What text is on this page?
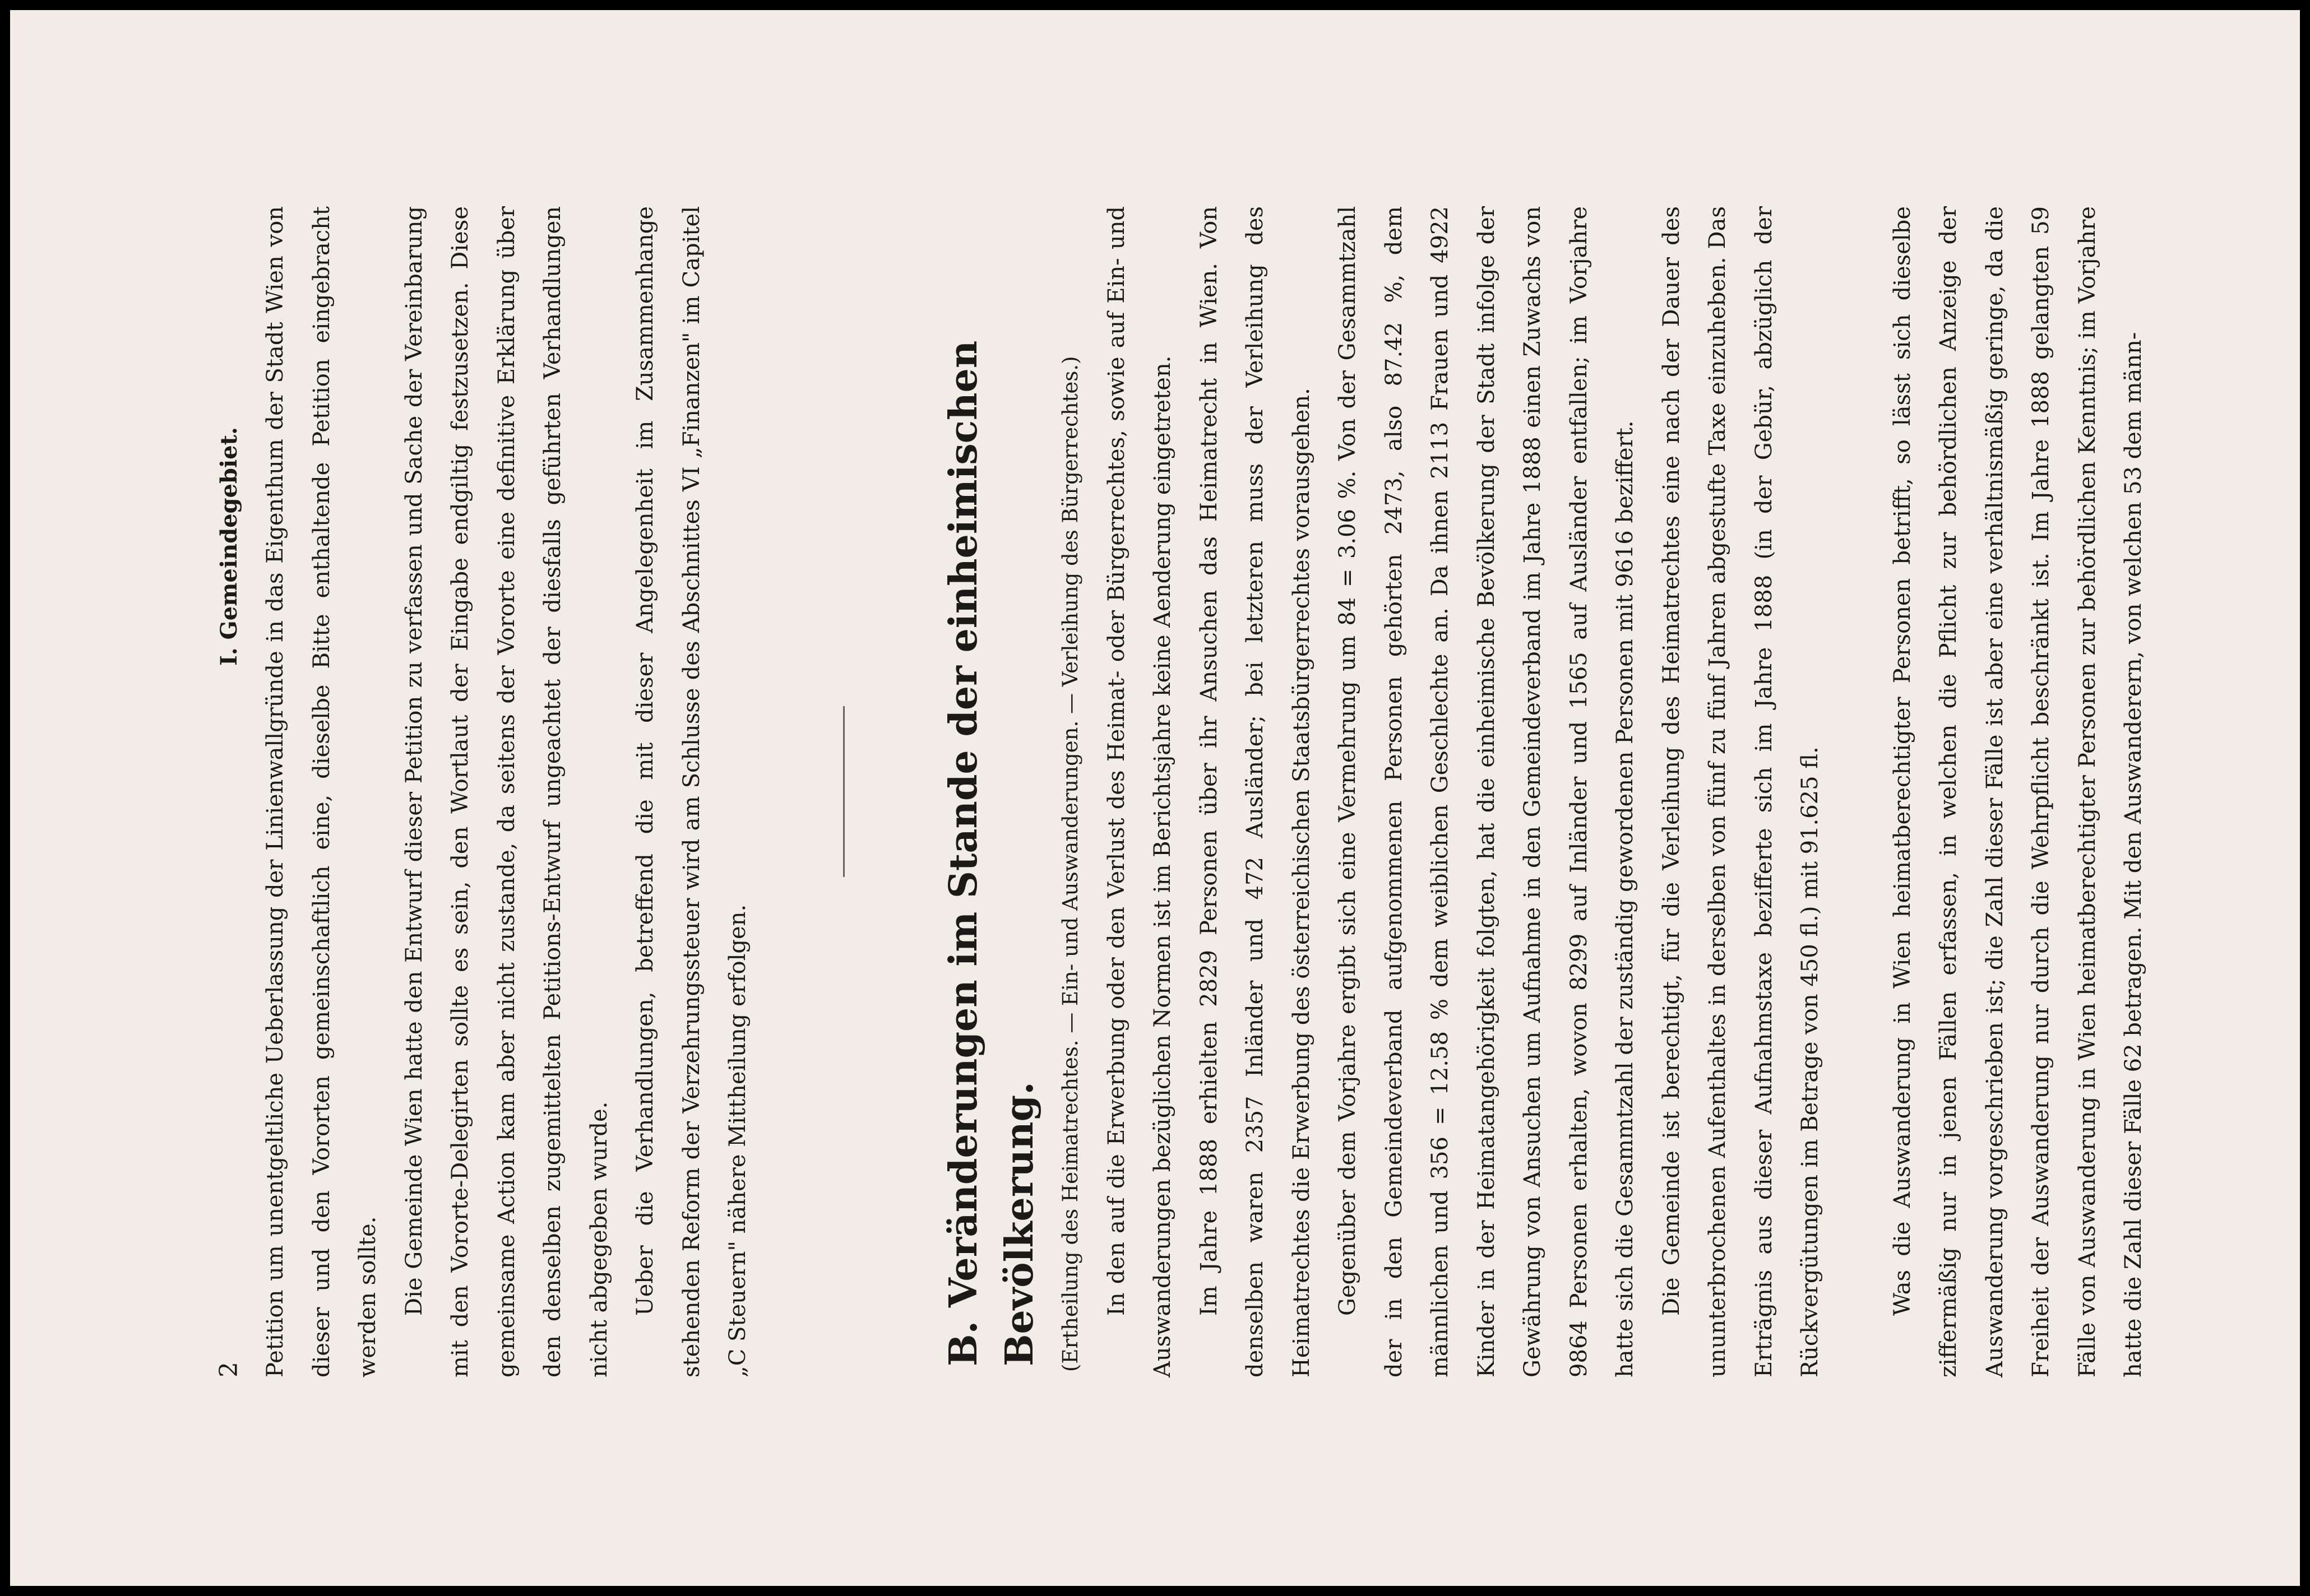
2
I. Gemeindegebiet. Petition um unentgeltliche Ueberlassung der Linienwallgründe in das Eigenthum der Stadt Wien von dieser und den Vororten gemeinschaftlich eine, dieselbe Bitte enthaltende Petition eingebracht werden sollte. Die Gemeinde Wien hatte den Entwurf dieser Petition zu verfassen und Sache der Vereinbarung mit den Vororte-Delegirten sollte es sein, den Wortlaut der Eingabe endgiltig festzusetzen. Diese gemeinsame Action kam aber nicht zustande, da seitens der Vororte eine definitive Erklärung über den denselben zugemittelten Petitions-Entwurf ungeachtet der diesfalls geführten Verhandlungen nicht abgegeben wurde. Ueber die Verhandlungen, betreffend die mit dieser Angelegenheit im Zusammenhange stehenden Reform der Verzehrungssteuer wird am Schlusse des Abschnittes VI „Finanzen" im Capitel „C Steuern" nähere Mittheilung erfolgen.	B. Veränderungen im Stande der einheimischen Bevölkerung. (Ertheilung des Heimatrechtes. — Ein- und Auswanderungen. — Verleihung des Bürgerrechtes.) In den auf die Erwerbung oder den Verlust des Heimat- oder Bürgerrechtes, sowie auf Ein- und Auswanderungen bezüglichen Normen ist im Berichtsjahre keine Aenderung eingetreten. Im Jahre 1888 erhielten 2829 Personen über ihr Ansuchen das Heimatrecht in Wien. Von denselben waren 2357 Inländer und 472 Ausländer; bei letzteren muss der Verleihung des Heimatrechtes die Erwerbung des österreichischen Staatsbürgerrechtes vorausgehen. Gegenüber dem Vorjahre ergibt sich eine Vermehrung um 84 = 3.06 %. Von der Gesammtzahl der in den Gemeindeverband aufgenommenen Personen gehörten 2473, also 87.42 %, dem männlichen und 356 = 12.58 % dem weiblichen Geschlechte an. Da ihnen 2113 Frauen und 4922 Kinder in der Heimatangehörigkeit folgten, hat die einheimische Bevölkerung der Stadt infolge der Gewährung von Ansuchen um Aufnahme in den Gemeindeverband im Jahre 1888 einen Zuwachs von 9864 Personen erhalten, wovon 8299 auf Inländer und 1565 auf Ausländer entfallen; im Vorjahre hatte sich die Gesammtzahl der zuständig gewordenen Personen mit 9616 beziffert. Die Gemeinde ist berechtigt, für die Verleihung des Heimatrechtes eine nach der Dauer des ununterbrochenen Aufenthaltes in derselben von fünf zu fünf Jahren abgestufte Taxe einzuheben. Das Erträgnis aus dieser Aufnahmstaxe bezifferte sich im Jahre 1888 (in der Gebür, abzüglich der Rückvergütungen im Betrage von 450 fl.) mit 91.625 fl.	Was die Auswanderung in Wien heimatberechtigter Personen betrifft, so lässt sich dieselbe ziffermäßig nur in jenen Fällen erfassen, in welchen die Pflicht zur behördlichen Anzeige der Auswanderung vorgeschrieben ist; die Zahl dieser Fälle ist aber eine verhältnismäßig geringe, da die Freiheit der Auswanderung nur durch die Wehrpflicht beschränkt ist. Im Jahre 1888 gelangten 59 Fälle von Auswanderung in Wien heimatberechtigter Personen zur behördlichen Kenntnis; im Vorjahre hatte die Zahl dieser Fälle 62 betragen. Mit den Auswanderern, von welchen 53 dem männ-
